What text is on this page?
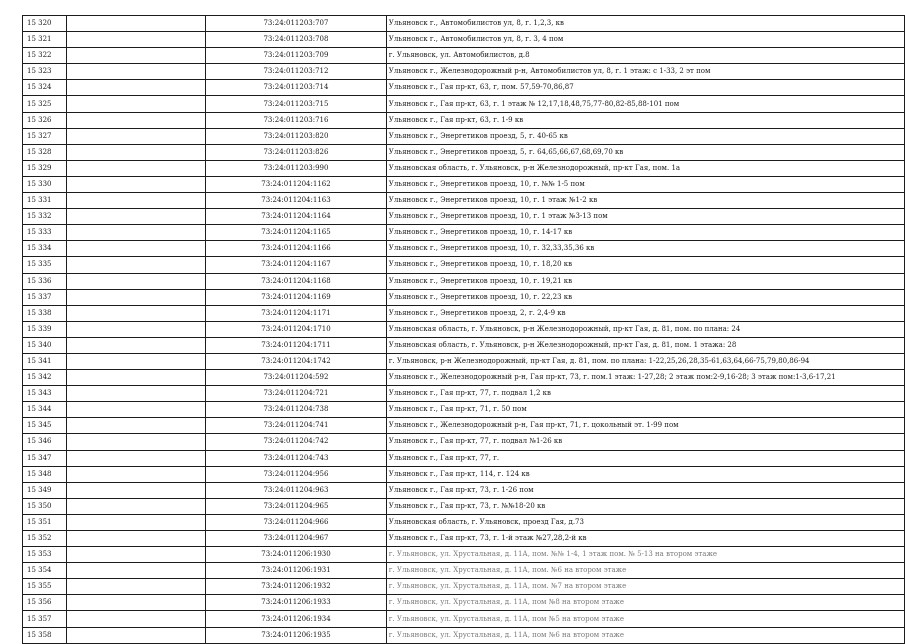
15 320		73:24:011203:707	Ульяновск г., Автомобилистов ул, 8, г. 1,2,3, кв
15 321		73:24:011203:708	Ульяновск г., Автомобилистов ул, 8, г. 3, 4 пом
15 322		73:24:011203:709	г. Ульяновск, ул. Автомобилистов, д.8
15 323		73:24:011203:712	Ульяновск г., Железнодорожный р-н, Автомобилистов ул, 8, г. 1 этаж: с 1-33, 2 эт пом
15 324		73:24:011203:714	Ульяновск г., Гая пр-кт, 63, г, пом. 57,59-70,86,87
15 325		73:24:011203:715	Ульяновск г., Гая пр-кт, 63, г. 1 этаж № 12,17,18,48,75,77-80,82-85,88-101 пом
15 326		73:24:011203:716	Ульяновск г., Гая пр-кт, 63, г. 1-9 кв
15 327		73:24:011203:820	Ульяновск г., Энергетиков проезд, 5, г. 40-65 кв
15 328		73:24:011203:826	Ульяновск г., Энергетиков проезд, 5, г. 64,65,66,67,68,69,70 кв
15 329		73:24:011203:990	Ульяновская область, г. Ульяновск, р-н Железнодорожный, пр-кт Гая, пом. 1а
15 330		73:24:011204:1162	Ульяновск г., Энергетиков проезд, 10, г. №№ 1-5 пом
15 331		73:24:011204:1163	Ульяновск г., Энергетиков проезд, 10, г. 1 этаж №1-2 кв
15 332		73:24:011204:1164	Ульяновск г., Энергетиков проезд, 10, г. 1 этаж №3-13 пом
15 333		73:24:011204:1165	Ульяновск г., Энергетиков проезд, 10, г. 14-17 кв
15 334		73:24:011204:1166	Ульяновск г., Энергетиков проезд, 10, г. 32,33,35,36 кв
15 335		73:24:011204:1167	Ульяновск г., Энергетиков проезд, 10, г. 18,20 кв
15 336		73:24:011204:1168	Ульяновск г., Энергетиков проезд, 10, г. 19,21 кв
15 337		73:24:011204:1169	Ульяновск г., Энергетиков проезд, 10, г. 22,23 кв
15 338		73:24:011204:1171	Ульяновск г., Энергетиков проезд, 2, г. 2,4-9 кв
15 339		73:24:011204:1710	Ульяновская область, г. Ульяновск, р-н Железнодорожный, пр-кт Гая, д. 81, пом. по плана: 24
15 340		73:24:011204:1711	Ульяновская область, г. Ульяновск, р-н Железнодорожный, пр-кт Гая, д. 81, пом. 1 этажа: 28
15 341		73:24:011204:1742	г. Ульяновск, р-н Железнодорожный, пр-кт Гая, д. 81, пом. по плана: 1-22,25,26,28,35-61,63,64,66-75,79,80,86-94
15 342		73:24:011204:592	Ульяновск г., Железнодорожный р-н, Гая пр-кт, 73, г. пом.1 этаж: 1-27,28; 2 этаж пом:2-9,16-28; 3 этаж пом:1-3,6-17,21
15 343		73:24:011204:721	Ульяновск г., Гая пр-кт, 77, г. подвал 1,2 кв
15 344		73:24:011204:738	Ульяновск г., Гая пр-кт, 71, г. 50 пом
15 345		73:24:011204:741	Ульяновск г., Железнодорожный р-н, Гая пр-кт, 71, г. цокольный эт. 1-99 пом
15 346		73:24:011204:742	Ульяновск г., Гая пр-кт, 77, г. подвал №1-26 кв
15 347		73:24:011204:743	Ульяновск г., Гая пр-кт, 77, г.
15 348		73:24:011204:956	Ульяновск г., Гая пр-кт, 114, г. 124 кв
15 349		73:24:011204:963	Ульяновск г., Гая пр-кт, 73, г. 1-26 пом
15 350		73:24:011204:965	Ульяновск г., Гая пр-кт, 73, г. №№18-20 кв
15 351		73:24:011204:966	Ульяновская область, г. Ульяновск, проезд Гая, д.73
15 352		73:24:011204:967	Ульяновск г., Гая пр-кт, 73, г. 1-й этаж №27,28,2-й кв
15 353		73:24:011206:1930	г. Ульяновск, ул. Хрустальная, д. 11А, пом. №№ 1-4, 1 этаж пом. № 5-13 на втором этаже
15 354		73:24:011206:1931	г. Ульяновск, ул. Хрустальная, д. 11А, пом. №6 на втором этаже
15 355		73:24:011206:1932	г. Ульяновск, ул. Хрустальная, д. 11А, пом. №7 на втором этаже
15 356		73:24:011206:1933	г. Ульяновск, ул. Хрустальная, д. 11А, пом №8 на втором этаже
15 357		73:24:011206:1934	г. Ульяновск, ул. Хрустальная, д. 11А, пом №5 на втором этаже
15 358		73:24:011206:1935	г. Ульяновск, ул. Хрустальная, д. 11А, пом №6 на втором этаже
